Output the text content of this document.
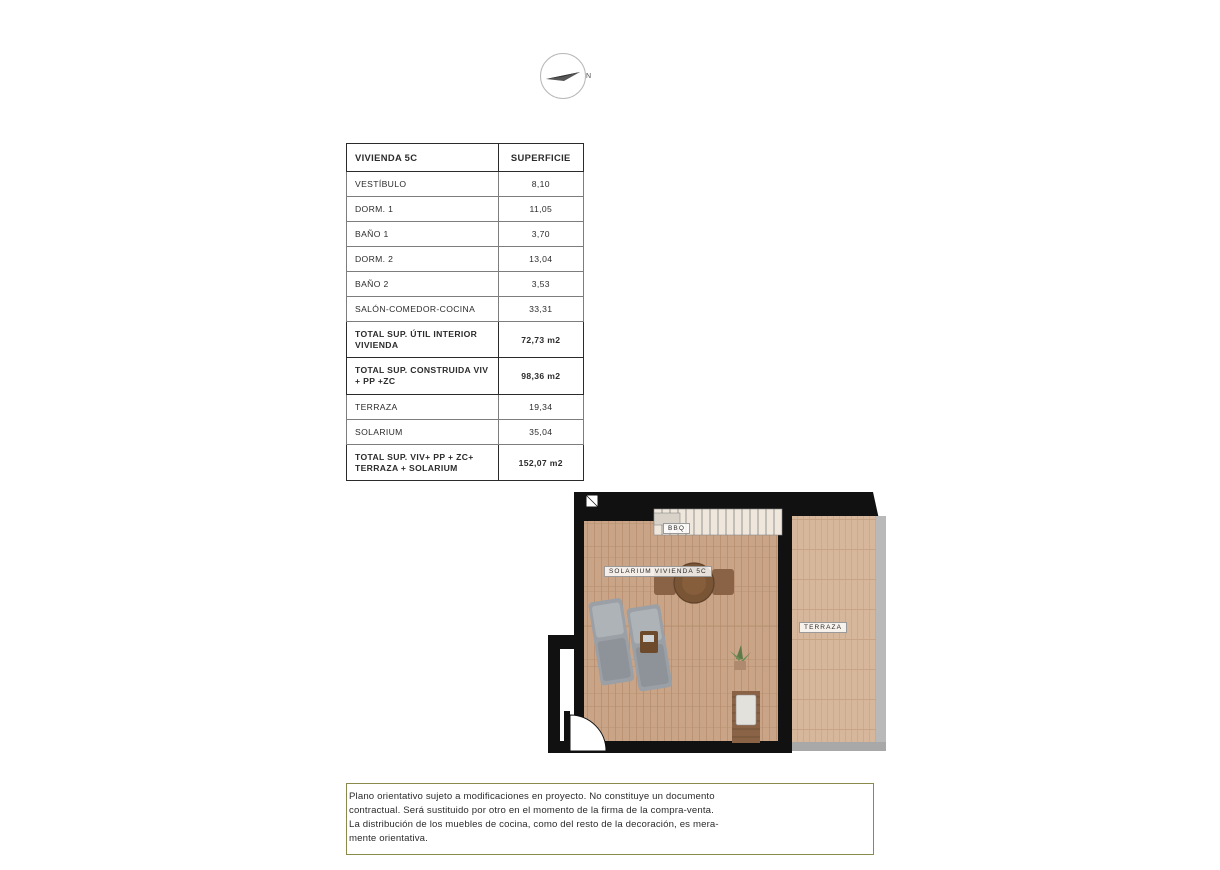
N
VIVIENDA 5C	SUPERFICIE
VESTÍBULO	8,10
DORM. 1	11,05
BAÑO 1	3,70
DORM. 2	13,04
BAÑO 2	3,53
SALÓN-COMEDOR-COCINA	33,31
TOTAL SUP. ÚTIL INTERIOR VIVIENDA	72,73 m2
TOTAL SUP. CONSTRUIDA VIV + PP +ZC	98,36 m2
TERRAZA	19,34
SOLARIUM	35,04
TOTAL SUP. VIV+ PP + ZC+ TERRAZA + SOLARIUM	152,07 m2
SOLARIUM VIVIENDA 5C
TERRAZA
BBQ

Plano orientativo sujeto a modificaciones en proyecto. No constituye un documento

contractual. Será sustituido por otro en el momento de la firma de la compra-venta.

La distribución de los muebles de cocina, como del resto de la decoración, es mera-

mente orientativa.
